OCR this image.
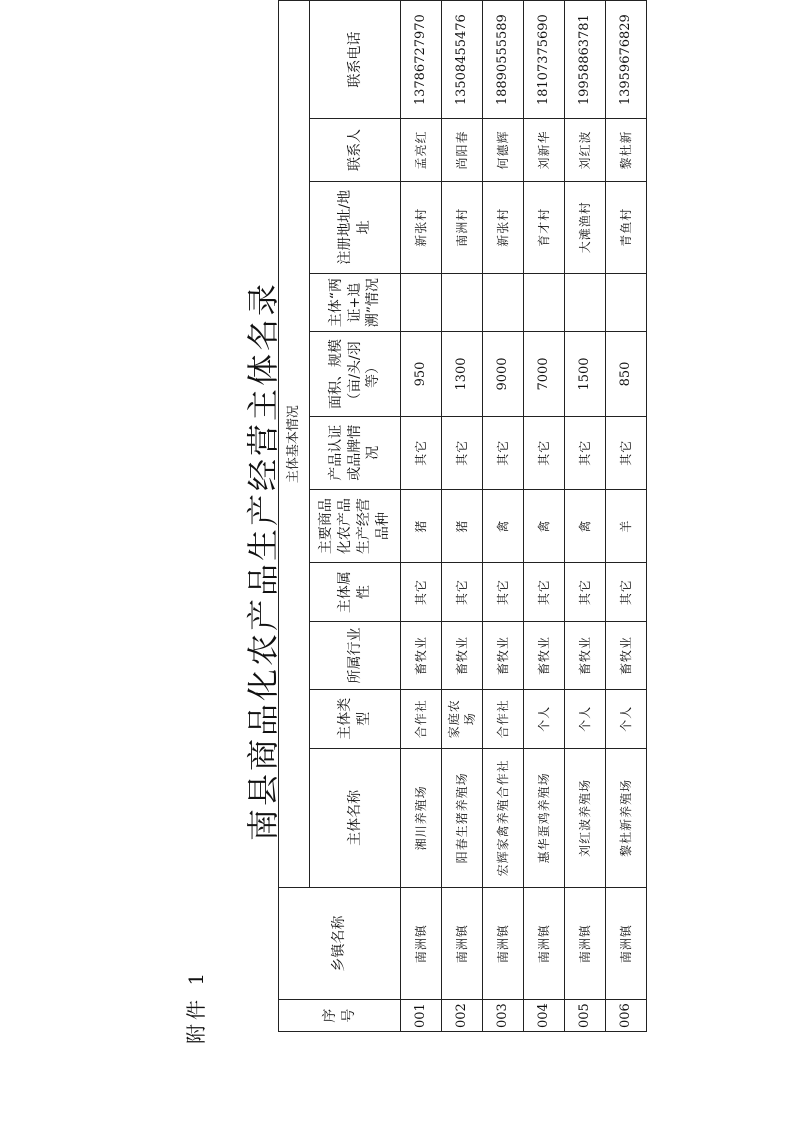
附件 1
南县商品化农产品生产经营主体名录
序号	乡镇名称	主体基本情况										
		主体名称	主体类型	所属行业	主体属性	主要商品化农产品生产经营品种	产品认证或品牌情况	面积、规模（亩/头/羽等）	主体“两证+追溯”情况	注册地址/地址	联系人	联系电话
001	南洲镇	湘川养殖场	合作社	畜牧业	其它	猪	其它	950		新张村	孟亮红	13786727970
002	南洲镇	阳春生猪养殖场	家庭农场	畜牧业	其它	猪	其它	1300		南洲村	尚阳春	13508455476
003	南洲镇	宏辉家禽养殖合作社	合作社	畜牧业	其它	禽	其它	9000		新张村	何德辉	18890555589
004	南洲镇	惠华蛋鸡养殖场	个人	畜牧业	其它	禽	其它	7000		育才村	刘新华	18107375690
005	南洲镇	刘红波养殖场	个人	畜牧业	其它	禽	其它	1500		大滩渔村	刘红波	19958863781
006	南洲镇	黎杜新养殖场	个人	畜牧业	其它	羊	其它	850		青鱼村	黎杜新	13959676829
